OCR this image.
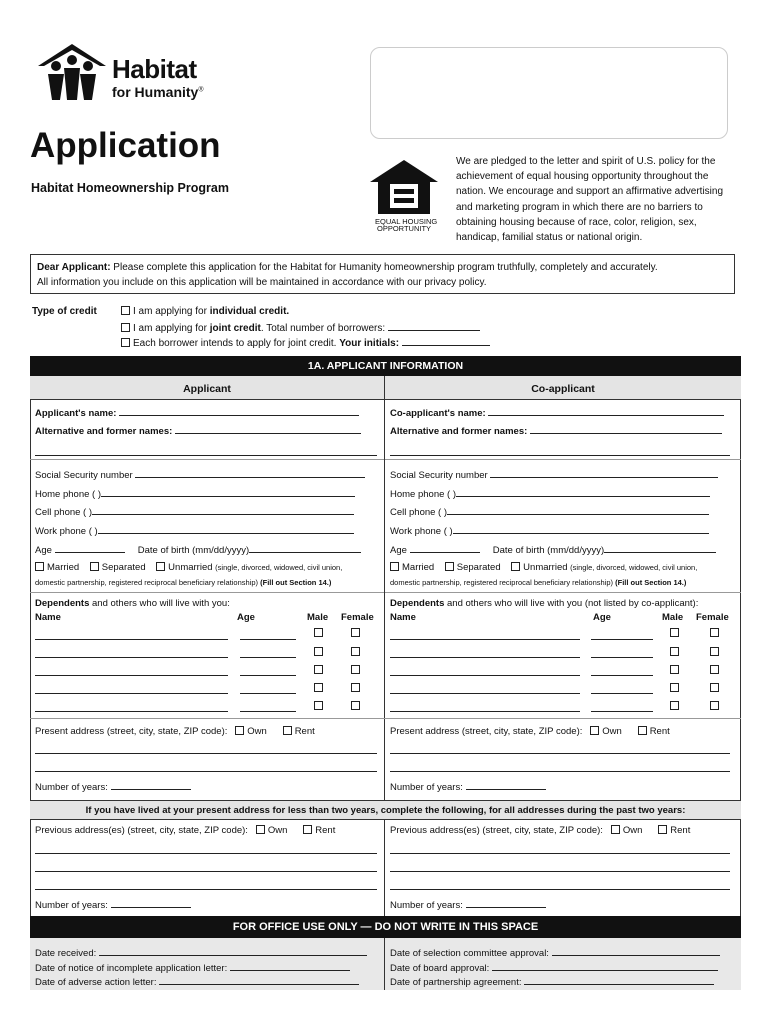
Habitat
for Humanity®
Application
Habitat Homeownership Program
EQUAL HOUSING
OPPORTUNITY
We are pledged to the letter and spirit of U.S. policy for the achievement of equal housing opportunity throughout the nation. We encourage and support an affirmative advertising and marketing program in which there are no barriers to obtaining housing because of race, color, religion, sex, handicap, familial status or national origin.
Dear Applicant: Please complete this application for the Habitat for Humanity homeownership program truthfully, completely and accurately.
All information you include on this application will be maintained in accordance with our privacy policy.
Type of credit	I am applying for individual credit.
I am applying for joint credit. Total number of borrowers:
Each borrower intends to apply for joint credit. Your initials:
1A. APPLICANT INFORMATION
Applicant	Co-applicant
Applicant's name:
Alternative and former names:
Social Security number
Home phone ( )
Cell phone ( )
Work phone ( )
Age	Date of birth (mm/dd/yyyy)
Married Separated Unmarried (single, divorced, widowed, civil union,
domestic partnership, registered reciprocal beneficiary relationship) (Fill out Section 14.)
Dependents and others who will live with you:
Name	Age	Male Female
Present address (street, city, state, ZIP code): Own	Rent
Number of years:
Co-applicant's name:
Alternative and former names:
Social Security number
Home phone ( )
Cell phone ( )
Work phone ( )
Age	Date of birth (mm/dd/yyyy)
Married Separated Unmarried (single, divorced, widowed, civil union,
domestic partnership, registered reciprocal beneficiary relationship) (Fill out Section 14.)
Dependents and others who will live with you (not listed by co-applicant):
Name	Age	Male Female
Present address (street, city, state, ZIP code): Own	Rent
Number of years:
If you have lived at your present address for less than two years, complete the following, for all addresses during the past two years:
Previous address(es) (street, city, state, ZIP code): Own	Rent
Number of years:
Previous address(es) (street, city, state, ZIP code): Own	Rent
Number of years:
FOR OFFICE USE ONLY — DO NOT WRITE IN THIS SPACE
Date received:
Date of notice of incomplete application letter:
Date of adverse action letter:
Date of selection committee approval:
Date of board approval:
Date of partnership agreement:
